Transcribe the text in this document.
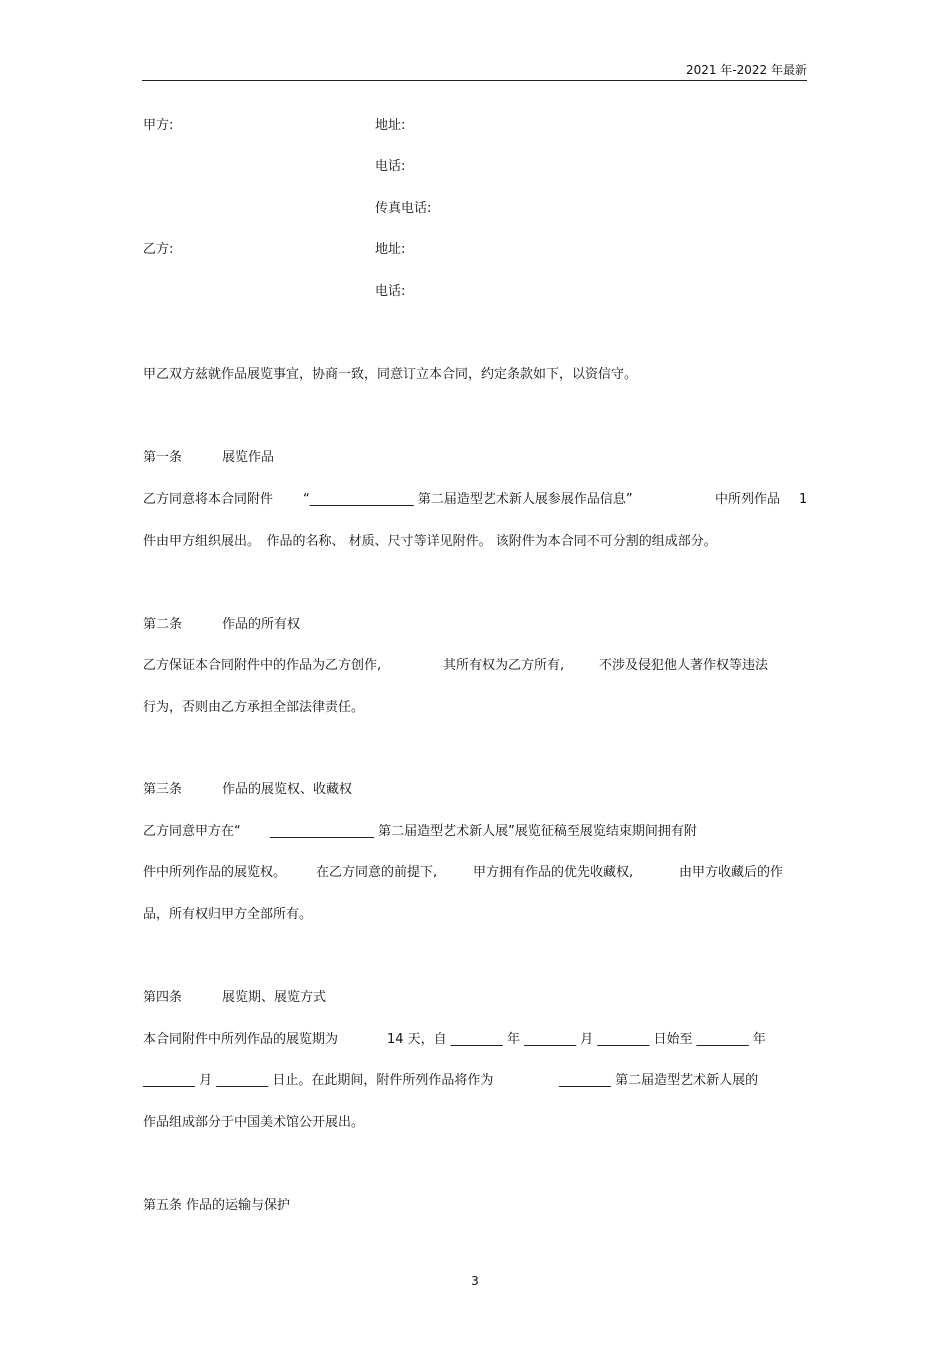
2021 年-2022 年最新
甲方:	地址:
电话:
传真电话:
乙方:	地址:
电话:
甲乙双方兹就作品展览事宜，协商一致，同意订立本合同，约定条款如下，以资信守。
第一条	展览作品
乙方同意将本合同附件 “________________ 第二届造型艺术新人展参展作品信息”	中所列作品 1
件由甲方组织展出。　作品的名称、 材质、尺寸等详见附件。 该附件为本合同不可分割的组成部分。
第二条	作品的所有权
乙方保证本合同附件中的作品为乙方创作,	其所有权为乙方所有,	不涉及侵犯他人著作权等违法
行为，否则由乙方承担全部法律责任。
第三条	作品的展览权、收藏权
乙方同意甲方在“ ________________ 第二届造型艺术新人展”展览征稿至展览结束期间拥有附
件中所列作品的展览权。 在乙方同意的前提下,	甲方拥有作品的优先收藏权,	由甲方收藏后的作
品，所有权归甲方全部所有。
第四条	展览期、展览方式
本合同附件中所列作品的展览期为	14 天，自 ________ 年 ________ 月 ________ 日始至 ________ 年
________ 月 ________ 日止。在此期间，附件所列作品将作为	________ 第二届造型艺术新人展的
作品组成部分于中国美术馆公开展出。
第五条 作品的运输与保护
3
